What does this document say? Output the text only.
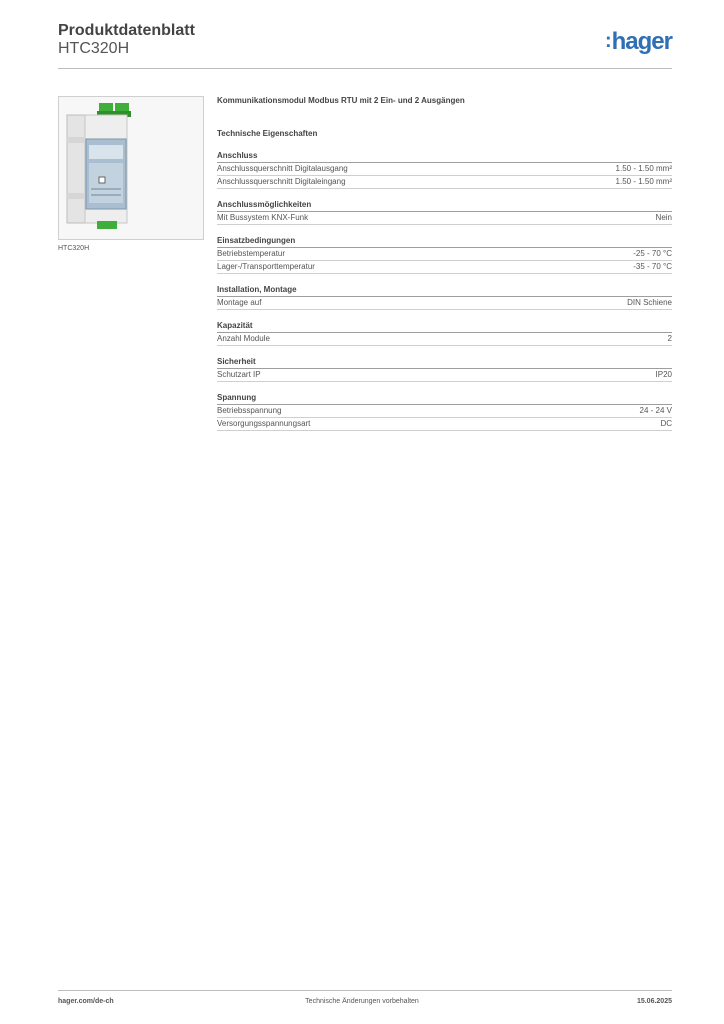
Produktdatenblatt
HTC320H	:hager
HTC320H
Kommunikationsmodul Modbus RTU mit 2 Ein- und 2 Ausgängen
Technische Eigenschaften
Anschluss
Anschlussquerschnitt Digitalausgang	1.50 - 1.50 mm²
Anschlussquerschnitt Digitaleingang	1.50 - 1.50 mm²
Anschlussmöglichkeiten
Mit Bussystem KNX-Funk	Nein
Einsatzbedingungen
Betriebstemperatur	-25 - 70 °C
Lager-/Transporttemperatur	-35 - 70 °C
Installation, Montage
Montage auf	DIN Schiene
Kapazität
Anzahl Module	2
Sicherheit
Schutzart IP	IP20
Spannung
Betriebsspannung	24 - 24 V
Versorgungsspannungsart	DC
hager.com/de-ch	Technische Änderungen vorbehalten	15.06.2025
